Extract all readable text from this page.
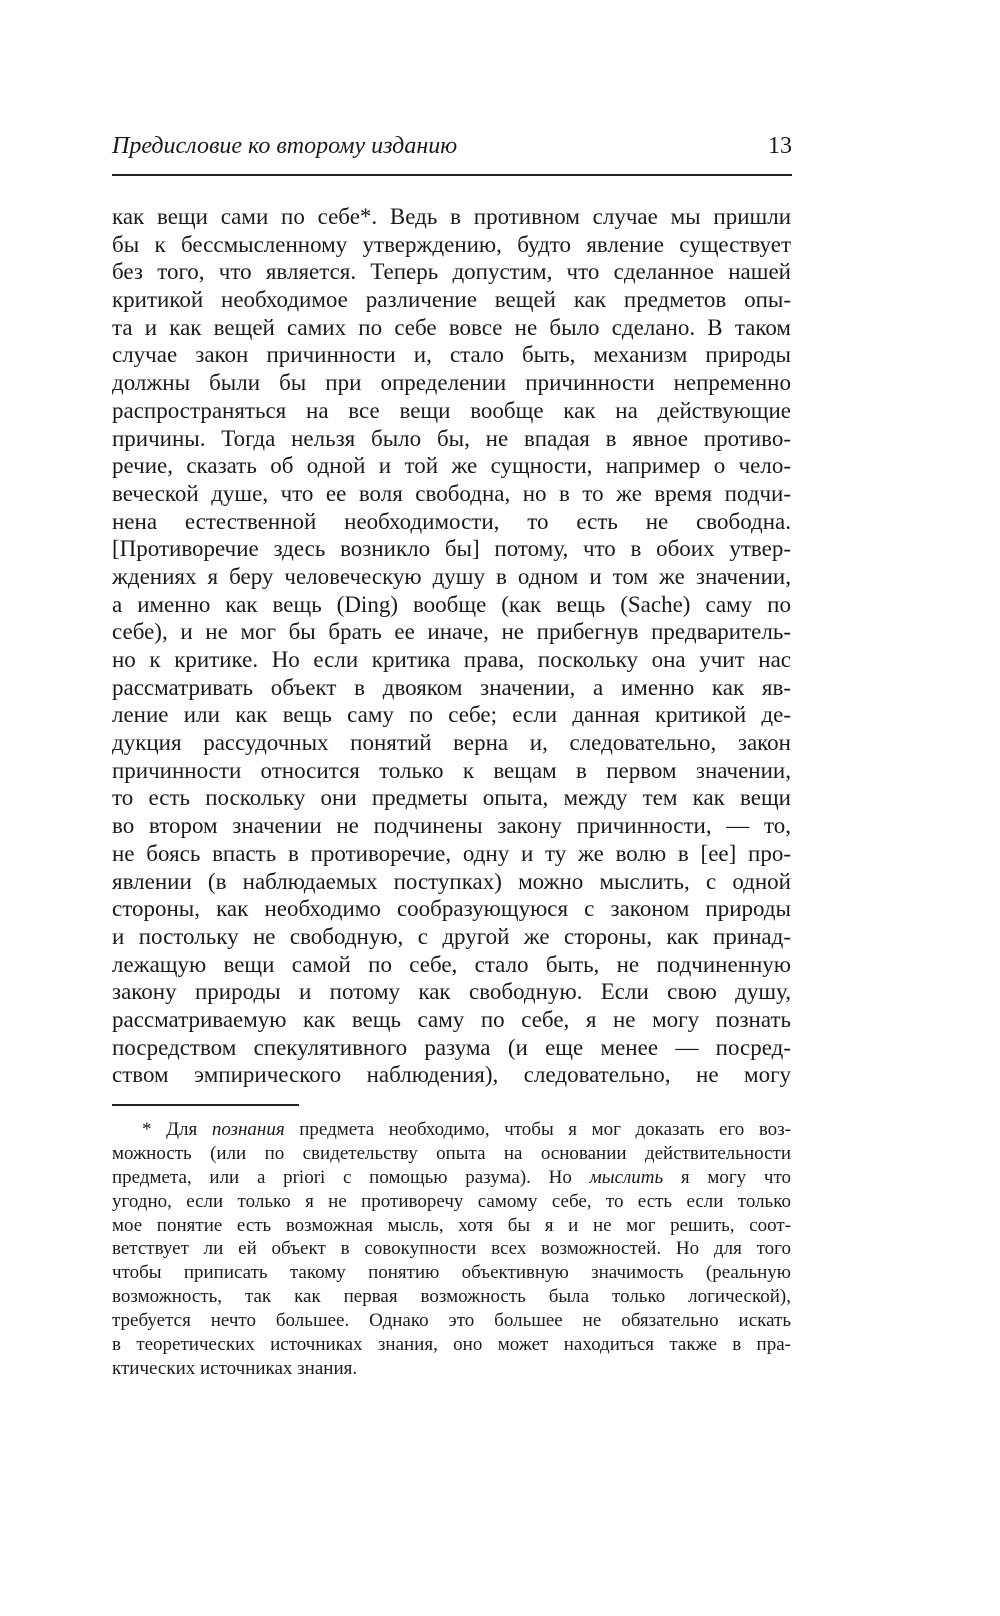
Предисловие ко второму изданию	13
как вещи сами по себе*. Ведь в противном случае мы пришли
бы к бессмысленному утверждению, будто явление существует
без того, что является. Теперь допустим, что сделанное нашей
критикой необходимое различение вещей как предметов опы-
та и как вещей самих по себе вовсе не было сделано. В таком
случае закон причинности и, стало быть, механизм природы
должны были бы при определении причинности непременно
распространяться на все вещи вообще как на действующие
причины. Тогда нельзя было бы, не впадая в явное противо-
речие, сказать об одной и той же сущности, например о чело-
веческой душе, что ее воля свободна, но в то же время подчи-
нена естественной необходимости, то есть не свободна.
[Противоречие здесь возникло бы] потому, что в обоих утвер-
ждениях я беру человеческую душу в одном и том же значении,
а именно как вещь (Ding) вообще (как вещь (Sache) саму по
себе), и не мог бы брать ее иначе, не прибегнув предваритель-
но к критике. Но если критика права, поскольку она учит нас
рассматривать объект в двояком значении, а именно как яв-
ление или как вещь саму по себе; если данная критикой де-
дукция рассудочных понятий верна и, следовательно, закон
причинности относится только к вещам в первом значении,
то есть поскольку они предметы опыта, между тем как вещи
во втором значении не подчинены закону причинности, — то,
не боясь впасть в противоречие, одну и ту же волю в [ее] про-
явлении (в наблюдаемых поступках) можно мыслить, с одной
стороны, как необходимо сообразующуюся с законом природы
и постольку не свободную, с другой же стороны, как принад-
лежащую вещи самой по себе, стало быть, не подчиненную
закону природы и потому как свободную. Если свою душу,
рассматриваемую как вещь саму по себе, я не могу познать
посредством спекулятивного разума (и еще менее — посред-
ством эмпирического наблюдения), следовательно, не могу
* Для познания предмета необходимо, чтобы я мог доказать его воз-
можность (или по свидетельству опыта на основании действительности
предмета, или a priori с помощью разума). Но мыслить я могу что
угодно, если только я не противоречу самому себе, то есть если только
мое понятие есть возможная мысль, хотя бы я и не мог решить, соот-
ветствует ли ей объект в совокупности всех возможностей. Но для того
чтобы приписать такому понятию объективную значимость (реальную
возможность, так как первая возможность была только логической),
требуется нечто большее. Однако это большее не обязательно искать
в теоретических источниках знания, оно может находиться также в пра-
ктических источниках знания.
